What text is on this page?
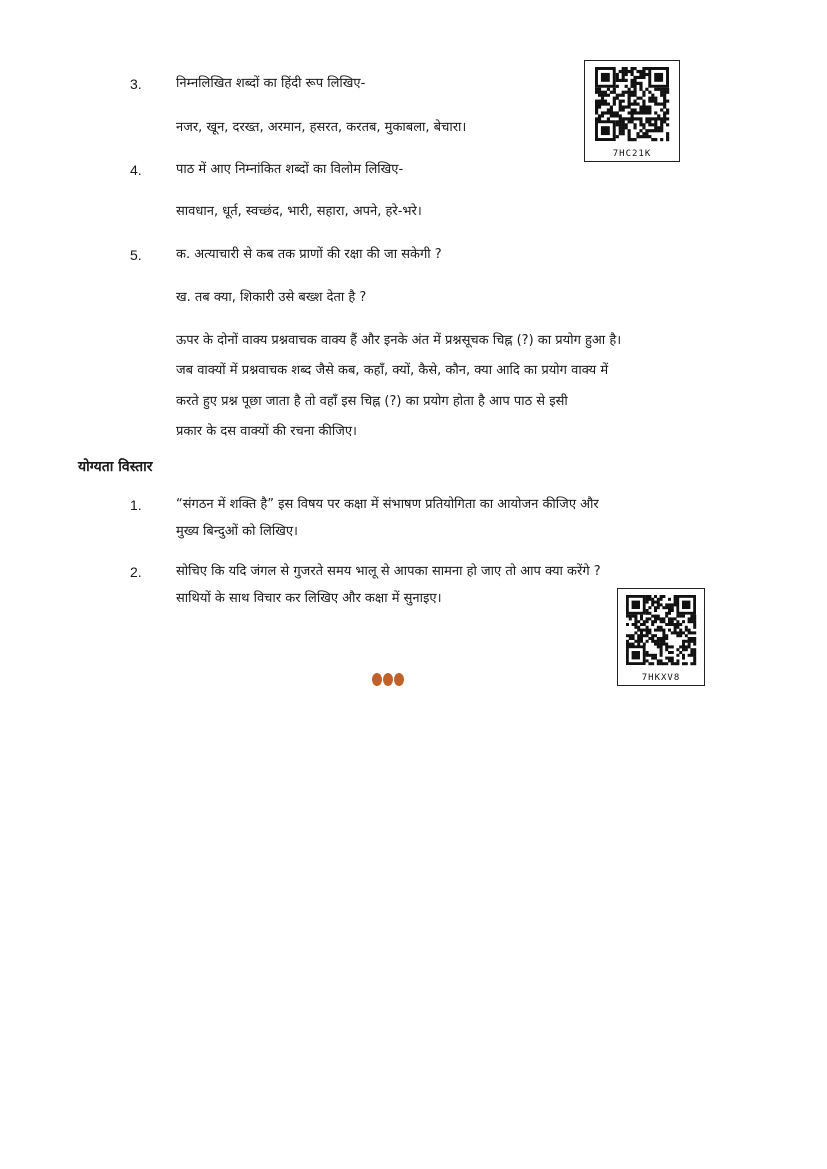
3.	निम्नलिखित शब्दों का हिंदी रूप लिखिए-
नजर, खून, दरख्त, अरमान, हसरत, करतब, मुकाबला, बेचारा।
7HC21K
4.	पाठ में आए निम्नांकित शब्दों का विलोम लिखिए-
सावधान, धूर्त, स्वच्छंद, भारी, सहारा, अपने, हरे-भरे।
5.	क. अत्याचारी से कब तक प्राणों की रक्षा की जा सकेगी ?
ख. तब क्या, शिकारी उसे बख्श देता है ?
ऊपर के दोनों वाक्य प्रश्नवाचक वाक्य हैं और इनके अंत में प्रश्नसूचक चिह्न (?) का प्रयोग हुआ है।
जब वाक्यों में प्रश्नवाचक शब्द जैसे कब, कहाँ, क्यों, कैसे, कौन, क्या आदि का प्रयोग वाक्य में
करते हुए प्रश्न पूछा जाता है तो वहाँ इस चिह्न (?) का प्रयोग होता है आप पाठ से इसी
प्रकार के दस वाक्यों की रचना कीजिए।
योग्यता विस्तार
1.	“संगठन में शक्ति है” इस विषय पर कक्षा में संभाषण प्रतियोगिता का आयोजन कीजिए और
मुख्य बिन्दुओं को लिखिए।
2.	सोचिए कि यदि जंगल से गुजरते समय भालू से आपका सामना हो जाए तो आप क्या करेंगे ?
साथियों के साथ विचार कर लिखिए और कक्षा में सुनाइए।
7HKXV8
